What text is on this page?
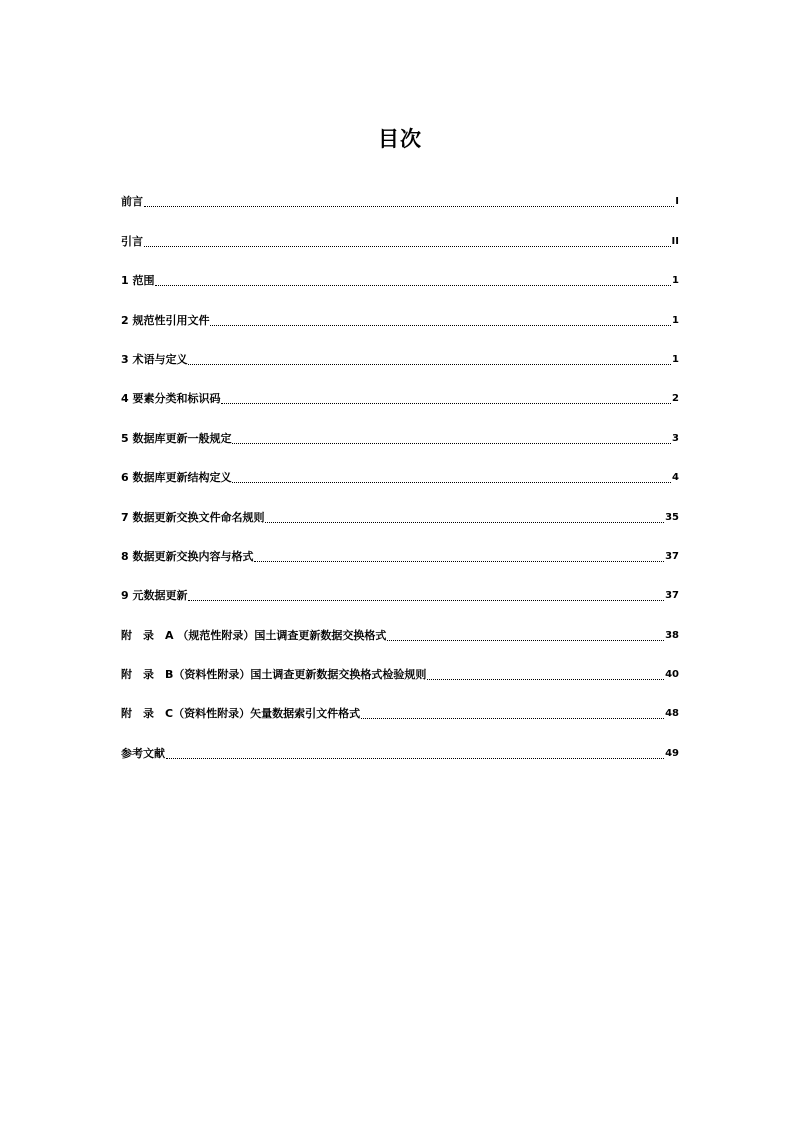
目次
前言	I
引言	II
1 范围	1
2 规范性引用文件	1
3 术语与定义	1
4 要素分类和标识码	2
5 数据库更新一般规定	3
6 数据库更新结构定义	4
7 数据更新交换文件命名规则	35
8 数据更新交换内容与格式	37
9 元数据更新	37
附　录　A （规范性附录）国土调查更新数据交换格式	38
附　录　B（资料性附录）国土调查更新数据交换格式检验规则	40
附　录　C（资料性附录）矢量数据索引文件格式	48
参考文献	49
